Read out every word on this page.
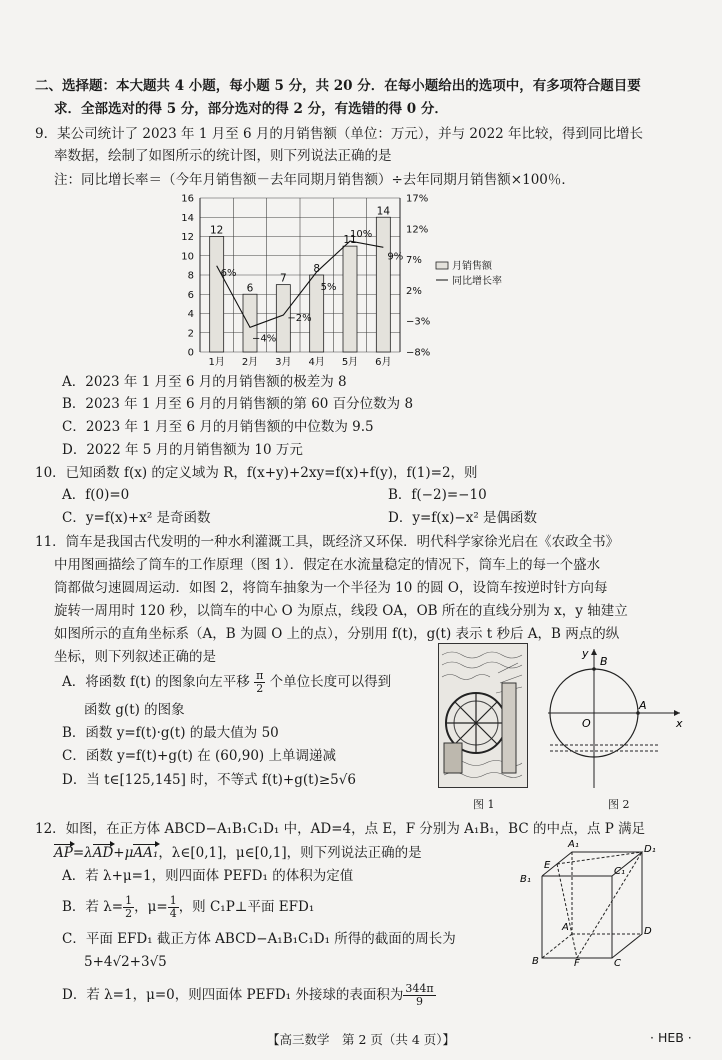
二、选择题：本大题共 4 小题，每小题 5 分，共 20 分．在每小题给出的选项中，有多项符合题目要
求．全部选对的得 5 分，部分选对的得 2 分，有选错的得 0 分．
9．某公司统计了 2023 年 1 月至 6 月的月销售额（单位：万元），并与 2022 年比较，得到同比增长
率数据，绘制了如图所示的统计图，则下列说法正确的是
注：同比增长率＝（今年月销售额－去年同期月销售额）÷去年同期月销售额×100％．
12
6
7
8
11
14
6%
−4%
−2%
5%
10%
9%
0
2
4
6
8
10
12
14
16
−8%
−3%
2%
7%
12%
17%
1月 2月 3月 4月 5月 6月
月销售额
同比增长率
A．2023 年 1 月至 6 月的月销售额的极差为 8
B．2023 年 1 月至 6 月的月销售额的第 60 百分位数为 8
C．2023 年 1 月至 6 月的月销售额的中位数为 9.5
D．2022 年 5 月的月销售额为 10 万元
10．已知函数 f(x) 的定义域为 R，f(x+y)+2xy=f(x)+f(y)，f(1)=2，则
A．f(0)=0	B．f(−2)=−10
C．y=f(x)+x² 是奇函数	D．y=f(x)−x² 是偶函数
11．筒车是我国古代发明的一种水利灌溉工具，既经济又环保．明代科学家徐光启在《农政全书》
中用图画描绘了筒车的工作原理（图 1）．假定在水流量稳定的情况下，筒车上的每一个盛水
筒都做匀速圆周运动．如图 2，将筒车抽象为一个半径为 10 的圆 O，设筒车按逆时针方向每
旋转一周用时 120 秒，以筒车的中心 O 为原点，线段 OA，OB 所在的直线分别为 x，y 轴建立
如图所示的直角坐标系（A，B 为圆 O 上的点），分别用 f(t)，g(t) 表示 t 秒后 A，B 两点的纵
坐标，则下列叙述正确的是
A．将函数 f(t) 的图象向左平移 $\frac{\pi}{2}$ 个单位长度可以得到
函数 g(t) 的图象
B．函数 y=f(t)·g(t) 的最大值为 50
C．函数 y=f(t)+g(t) 在 (60,90) 上单调递减
D．当 t∈[125,145] 时，不等式 f(t)+g(t)≥5√6
图 1
y
B
A
O	x
图 2
12．如图，在正方体 ABCD−A₁B₁C₁D₁ 中，AD=4，点 E，F 分别为 A₁B₁，BC 的中点，点 P 满足
AP=λAD+μAA₁，λ∈[0,1]，μ∈[0,1]，则下列说法正确的是
A．若 λ+μ=1，则四面体 PEFD₁ 的体积为定值
B．若 $\lambda= \frac{1}{2}$ ，$\mu= \frac{1}{4}$ ，则 C₁P⊥平面 EFD₁
C．平面 EFD₁ 截正方体 ABCD−A₁B₁C₁D₁ 所得的截面的周长为
5+4√2+3√5
D．若 λ=1，μ=0，则四面体 PEFD₁ 外接球的表面积为 $\frac{344\pi}{9}$
A₁	D₁
E
B₁
C₁
A	D
B	F	C
【高三数学　第 2 页（共 4 页）】	· HEB ·
